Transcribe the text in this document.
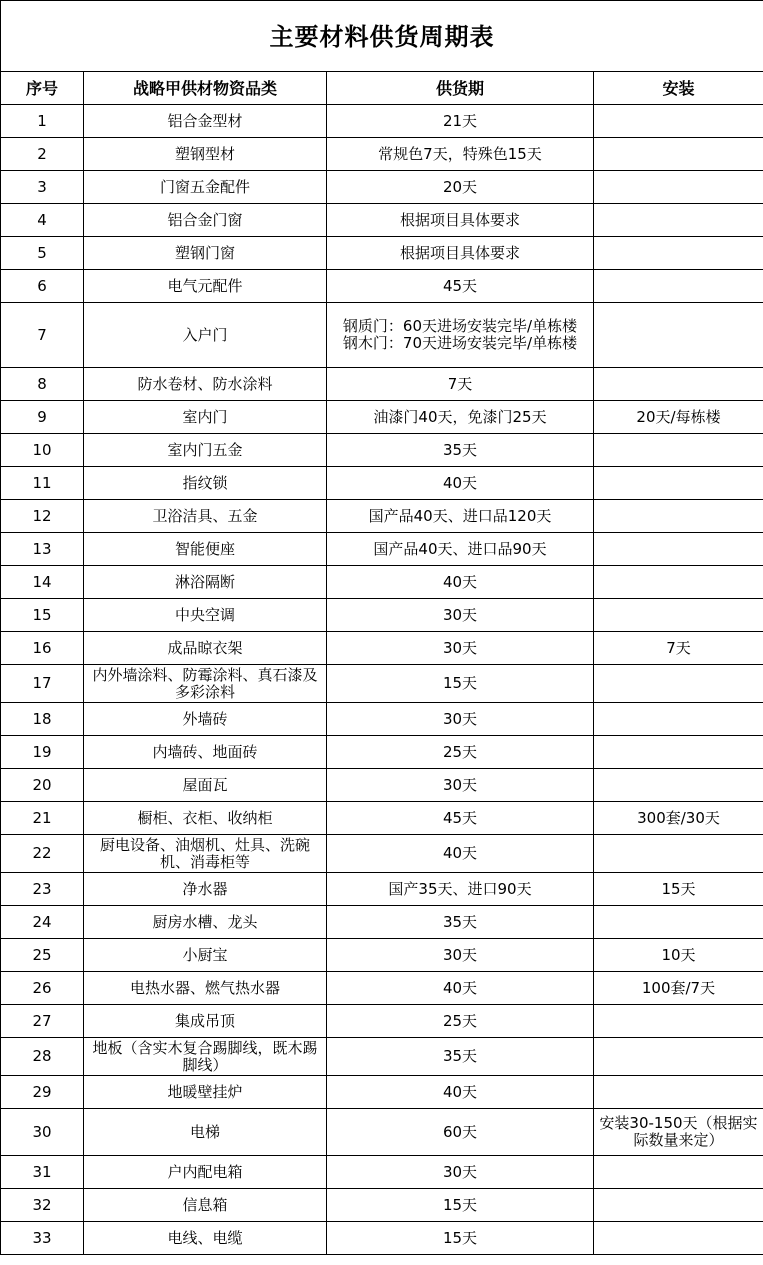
主要材料供货周期表			
序号	战略甲供材物资品类	供货期	安装
1	铝合金型材	21天	
2	塑钢型材	常规色7天，特殊色15天	
3	门窗五金配件	20天	
4	铝合金门窗	根据项目具体要求	
5	塑钢门窗	根据项目具体要求	
6	电气元配件	45天	
7	入户门	钢质门：60天进场安装完毕/单栋楼
钢木门：70天进场安装完毕/单栋楼	

8	防水卷材、防水涂料	7天	
9	室内门	油漆门40天，免漆门25天	20天/每栋楼
10	室内门五金	35天	
11	指纹锁	40天	
12	卫浴洁具、五金	国产品40天、进口品120天	
13	智能便座	国产品40天、进口品90天	
14	淋浴隔断	40天	
15	中央空调	30天	
16	成品晾衣架	30天	7天
17	内外墙涂料、防霉涂料、真石漆及多彩涂料	15天	
18	外墙砖	30天	
19	内墙砖、地面砖	25天	
20	屋面瓦	30天	
21	橱柜、衣柜、收纳柜	45天	300套/30天
22	厨电设备、油烟机、灶具、洗碗机、消毒柜等	40天	
23	净水器	国产35天、进口90天	15天
24	厨房水槽、龙头	35天	
25	小厨宝	30天	10天
26	电热水器、燃气热水器	40天	100套/7天
27	集成吊顶	25天	
28	地板（含实木复合踢脚线，既木踢脚线）	35天	
29	地暖壁挂炉	40天	
30	电梯	60天	安装30-150天（根据实际数量来定）
31	户内配电箱	30天	
32	信息箱	15天	
33	电线、电缆	15天	
